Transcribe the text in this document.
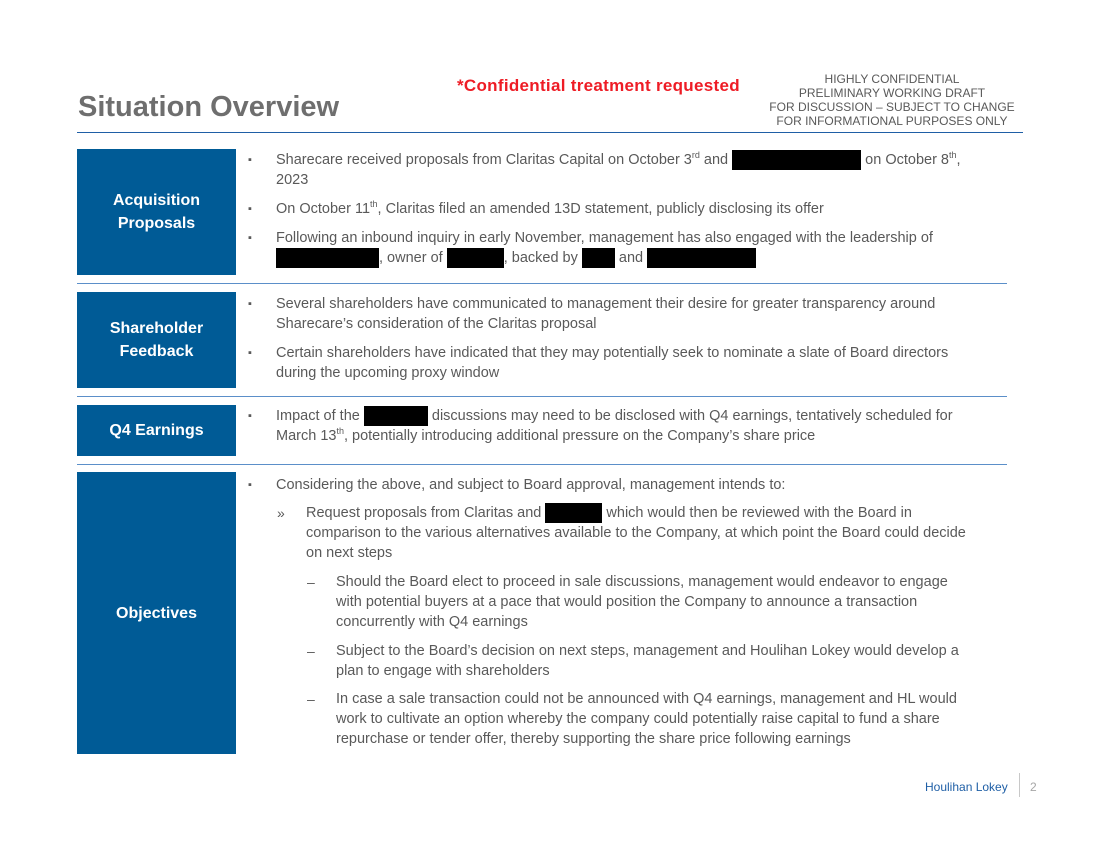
Situation Overview
*Confidential treatment requested	HIGHLY CONFIDENTIAL
PRELIMINARY WORKING DRAFT
FOR DISCUSSION – SUBJECT TO CHANGE
FOR INFORMATIONAL PURPOSES ONLY
Acquisition
Proposals
▪ Sharecare received proposals from Claritas Capital on October 3rd and	on October 8th,
2023
▪ On October 11th, Claritas filed an amended 13D statement, publicly disclosing its offer
▪ Following an inbound inquiry in early November, management has also engaged with the leadership of
, owner of	, backed by  and
Shareholder
Feedback
▪ Several shareholders have communicated to management their desire for greater transparency around
Sharecare’s consideration of the Claritas proposal
▪ Certain shareholders have indicated that they may potentially seek to nominate a slate of Board directors
during the upcoming proxy window
Q4 Earnings
▪ Impact of the	discussions may need to be disclosed with Q4 earnings, tentatively scheduled for
March 13th, potentially introducing additional pressure on the Company’s share price
Objectives
▪ Considering the above, and subject to Board approval, management intends to:
» Request proposals from Claritas and	which would then be reviewed with the Board in
comparison to the various alternatives available to the Company, at which point the Board could decide
on next steps
– Should the Board elect to proceed in sale discussions, management would endeavor to engage
with potential buyers at a pace that would position the Company to announce a transaction
concurrently with Q4 earnings
– Subject to the Board’s decision on next steps, management and Houlihan Lokey would develop a
plan to engage with shareholders
– In case a sale transaction could not be announced with Q4 earnings, management and HL would
work to cultivate an option whereby the company could potentially raise capital to fund a share
repurchase or tender offer, thereby supporting the share price following earnings
Houlihan Lokey 2
